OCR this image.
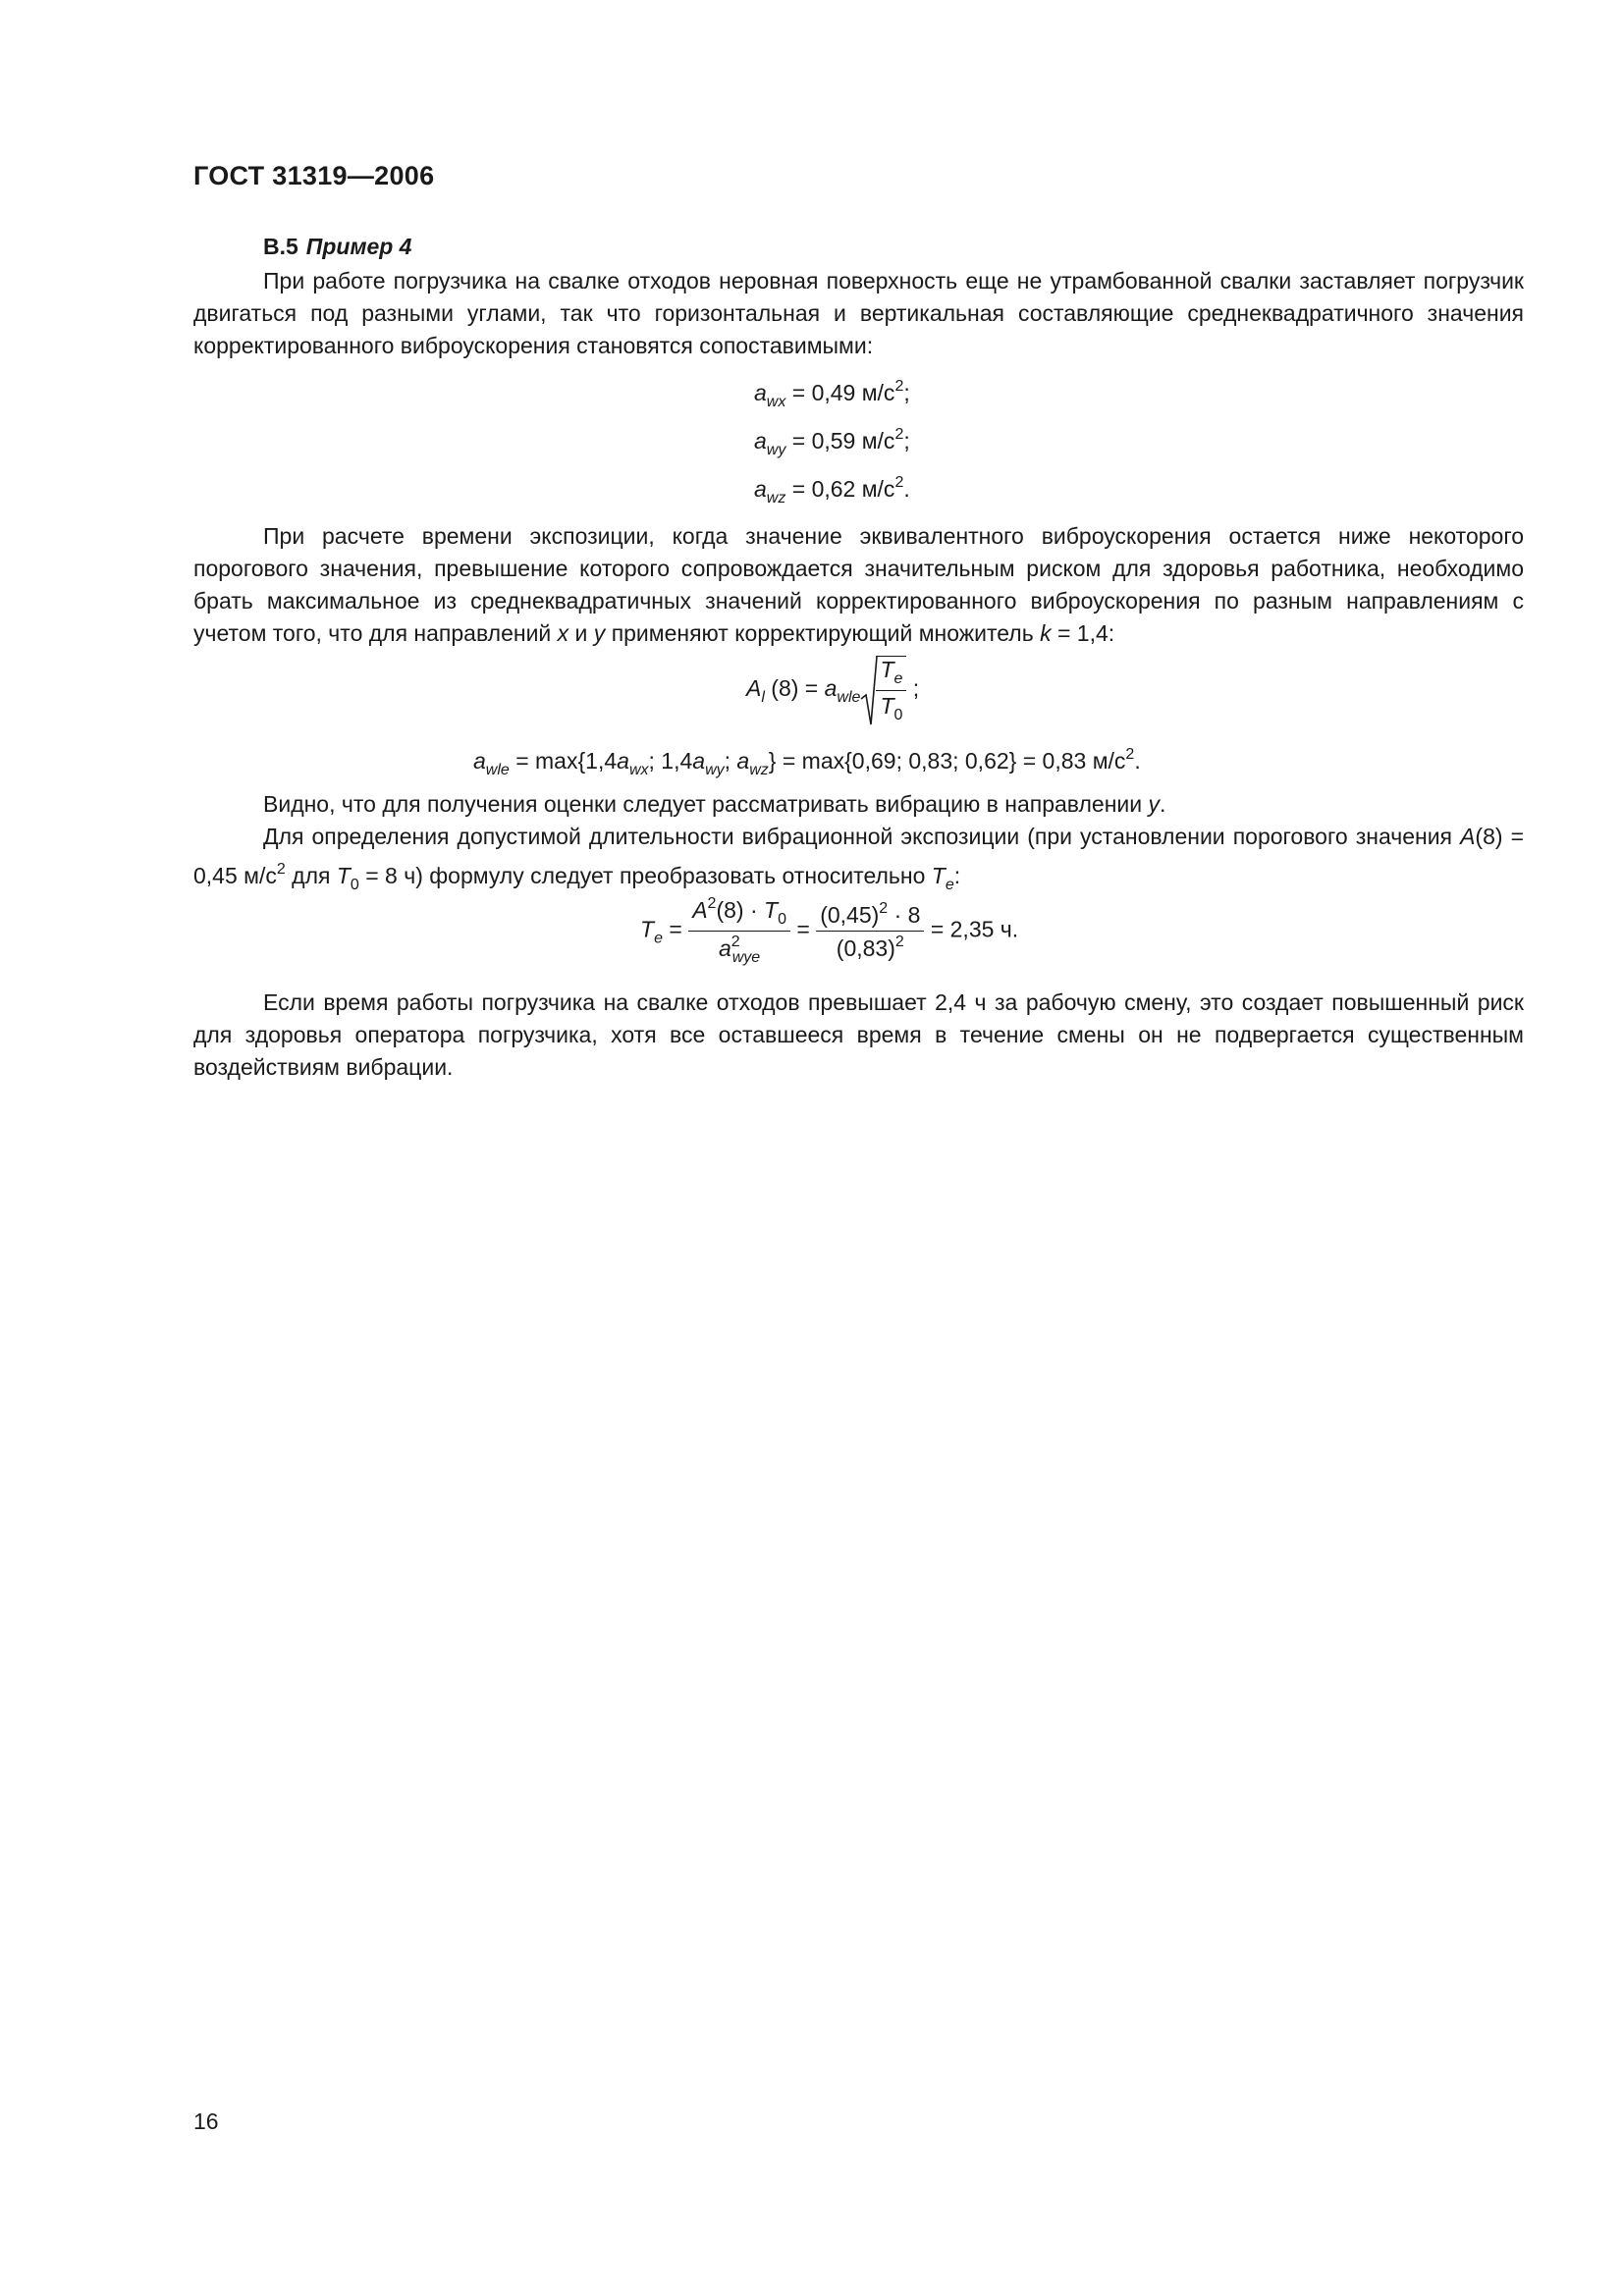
ГОСТ 31319—2006
B.5 Пример 4

При работе погрузчика на свалке отходов неровная поверхность еще не утрамбованной свалки заставляет погрузчик двигаться под разными углами, так что горизонтальная и вертикальная составляющие среднеквадратичного значения корректированного виброускорения становятся сопоставимыми:

$a_{wx} = 0,49$ $м/с^2$;
$a_{wy} = 0,59$ $м/с^2$;
$a_{wz} = 0,62$ $м/с^2$.

При расчете времени экспозиции, когда значение эквивалентного виброускорения остается ниже некоторого порогового значения, превышение которого сопровождается значительным риском для здоровья работника, необходимо брать максимальное из среднеквадратичных значений корректированного виброускорения по разным направлениям с учетом того, что для направлений x и y применяют корректирующий множитель k = 1,4:

$A_l$ $(8) = a_{wle} \frac{T_e}{T_0}$ ;
$a_{wle} = \max\{1,4a_{wx}$; $1,4a_{wy}$; $a_{wz}\} = \max\{0,69$; 0,83; 0,62} = 0,83 $м/с^2$.

Видно, что для получения оценки следует рассматривать вибрацию в направлении y.

Для определения допустимой длительности вибрационной экспозиции (при установлении порогового значения A(8) = 0,45 $м/с^2$ для $T_0 = 8$ ч) формулу следует преобразовать относительно $T_e$:

$T_e = \frac{A^2(8) \cdot T_0}{a^2_{wye}} = \frac{(0,45)^2 \cdot 8}{(0,83)^2} = 2,35$ ч.

Если время работы погрузчика на свалке отходов превышает 2,4 ч за рабочую смену, это создает повышенный риск для здоровья оператора погрузчика, хотя все оставшееся время в течение смены он не подвергается существенным воздействиям вибрации.

16
